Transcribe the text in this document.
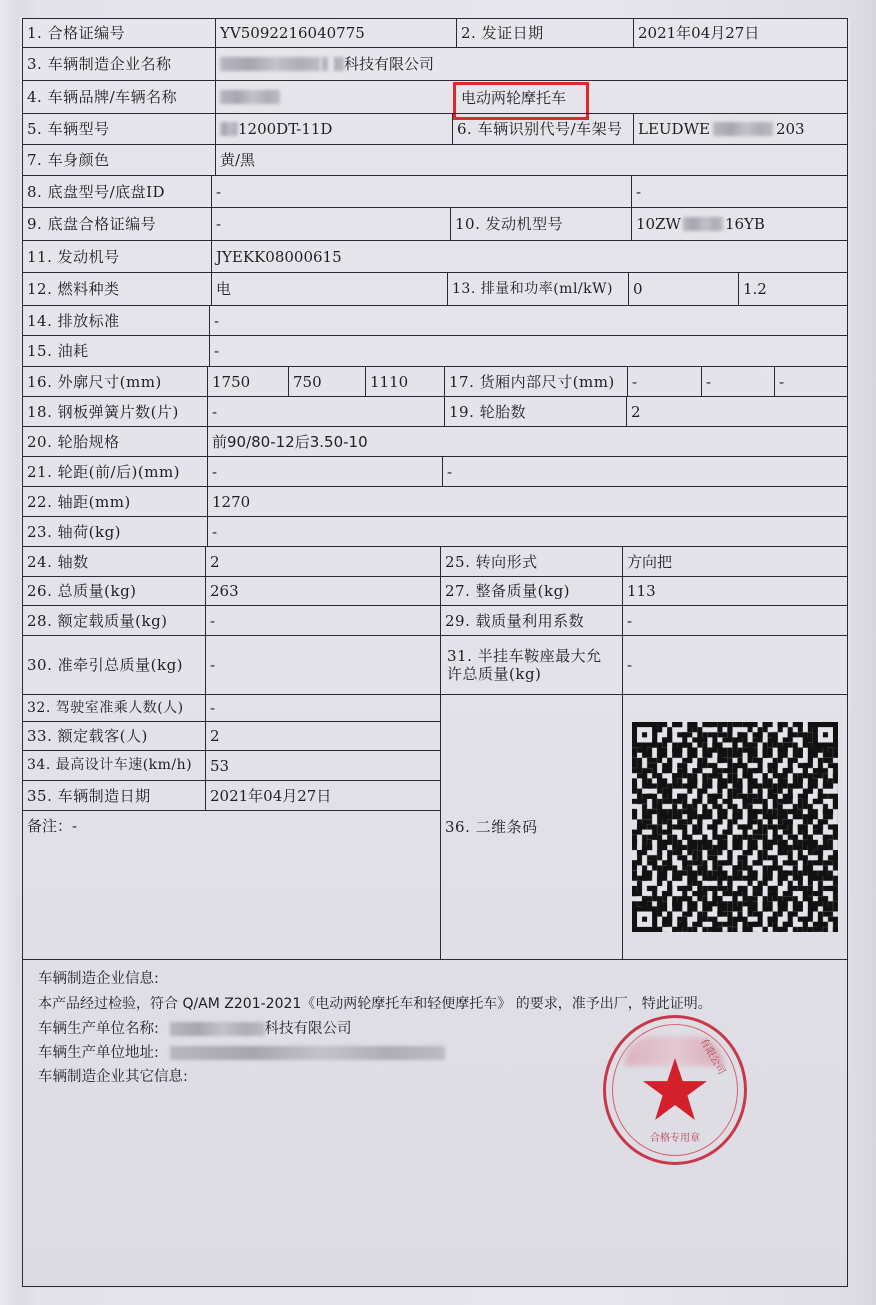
1. 合格证编号	YV5092216040775	2. 发证日期	2021年04月27日
3. 车辆制造企业名称	科技有限公司
4. 车辆品牌/车辆名称	电动两轮摩托车
5. 车辆型号	1200DT-11D	6. 车辆识别代号/车架号 LEUDWE	203
7. 车身颜色	黄/黑
8. 底盘型号/底盘ID	-	-
9. 底盘合格证编号	-	10. 发动机型号	10ZW	16YB
11. 发动机号	JYEKK08000615
12. 燃料种类	电	13. 排量和功率(ml/kW) 0	1.2
14. 排放标准	-
15. 油耗	-
16. 外廓尺寸(mm)	1750	750	1110	17. 货厢内部尺寸(mm) -	-	-
18. 钢板弹簧片数(片) -	19. 轮胎数	2
20. 轮胎规格	前90/80-12后3.50-10
21. 轮距(前/后)(mm) -	-
22. 轴距(mm)	1270
23. 轴荷(kg)	-
24. 轴数	2	25. 转向形式	方向把
26. 总质量(kg)	263	27. 整备质量(kg)	113
28. 额定载质量(kg)	-	29. 载质量利用系数	-
30. 准牵引总质量(kg) -	31. 半挂车鞍座最大允许总质量(kg)	-
32. 驾驶室准乘人数(人) -
33. 额定载客(人)	2
34. 最高设计车速(km/h) 53
35. 车辆制造日期	2021年04月27日
备注： -	36. 二维条码
车辆制造企业信息:
本产品经过检验，符合 Q/AM Z201-2021《电动两轮摩托车和轻便摩托车》 的要求，准予出厂，特此证明。
车辆生产单位名称:	科技有限公司
车辆生产单位地址:
车辆制造企业其它信息:
有限公司
合格专用章
